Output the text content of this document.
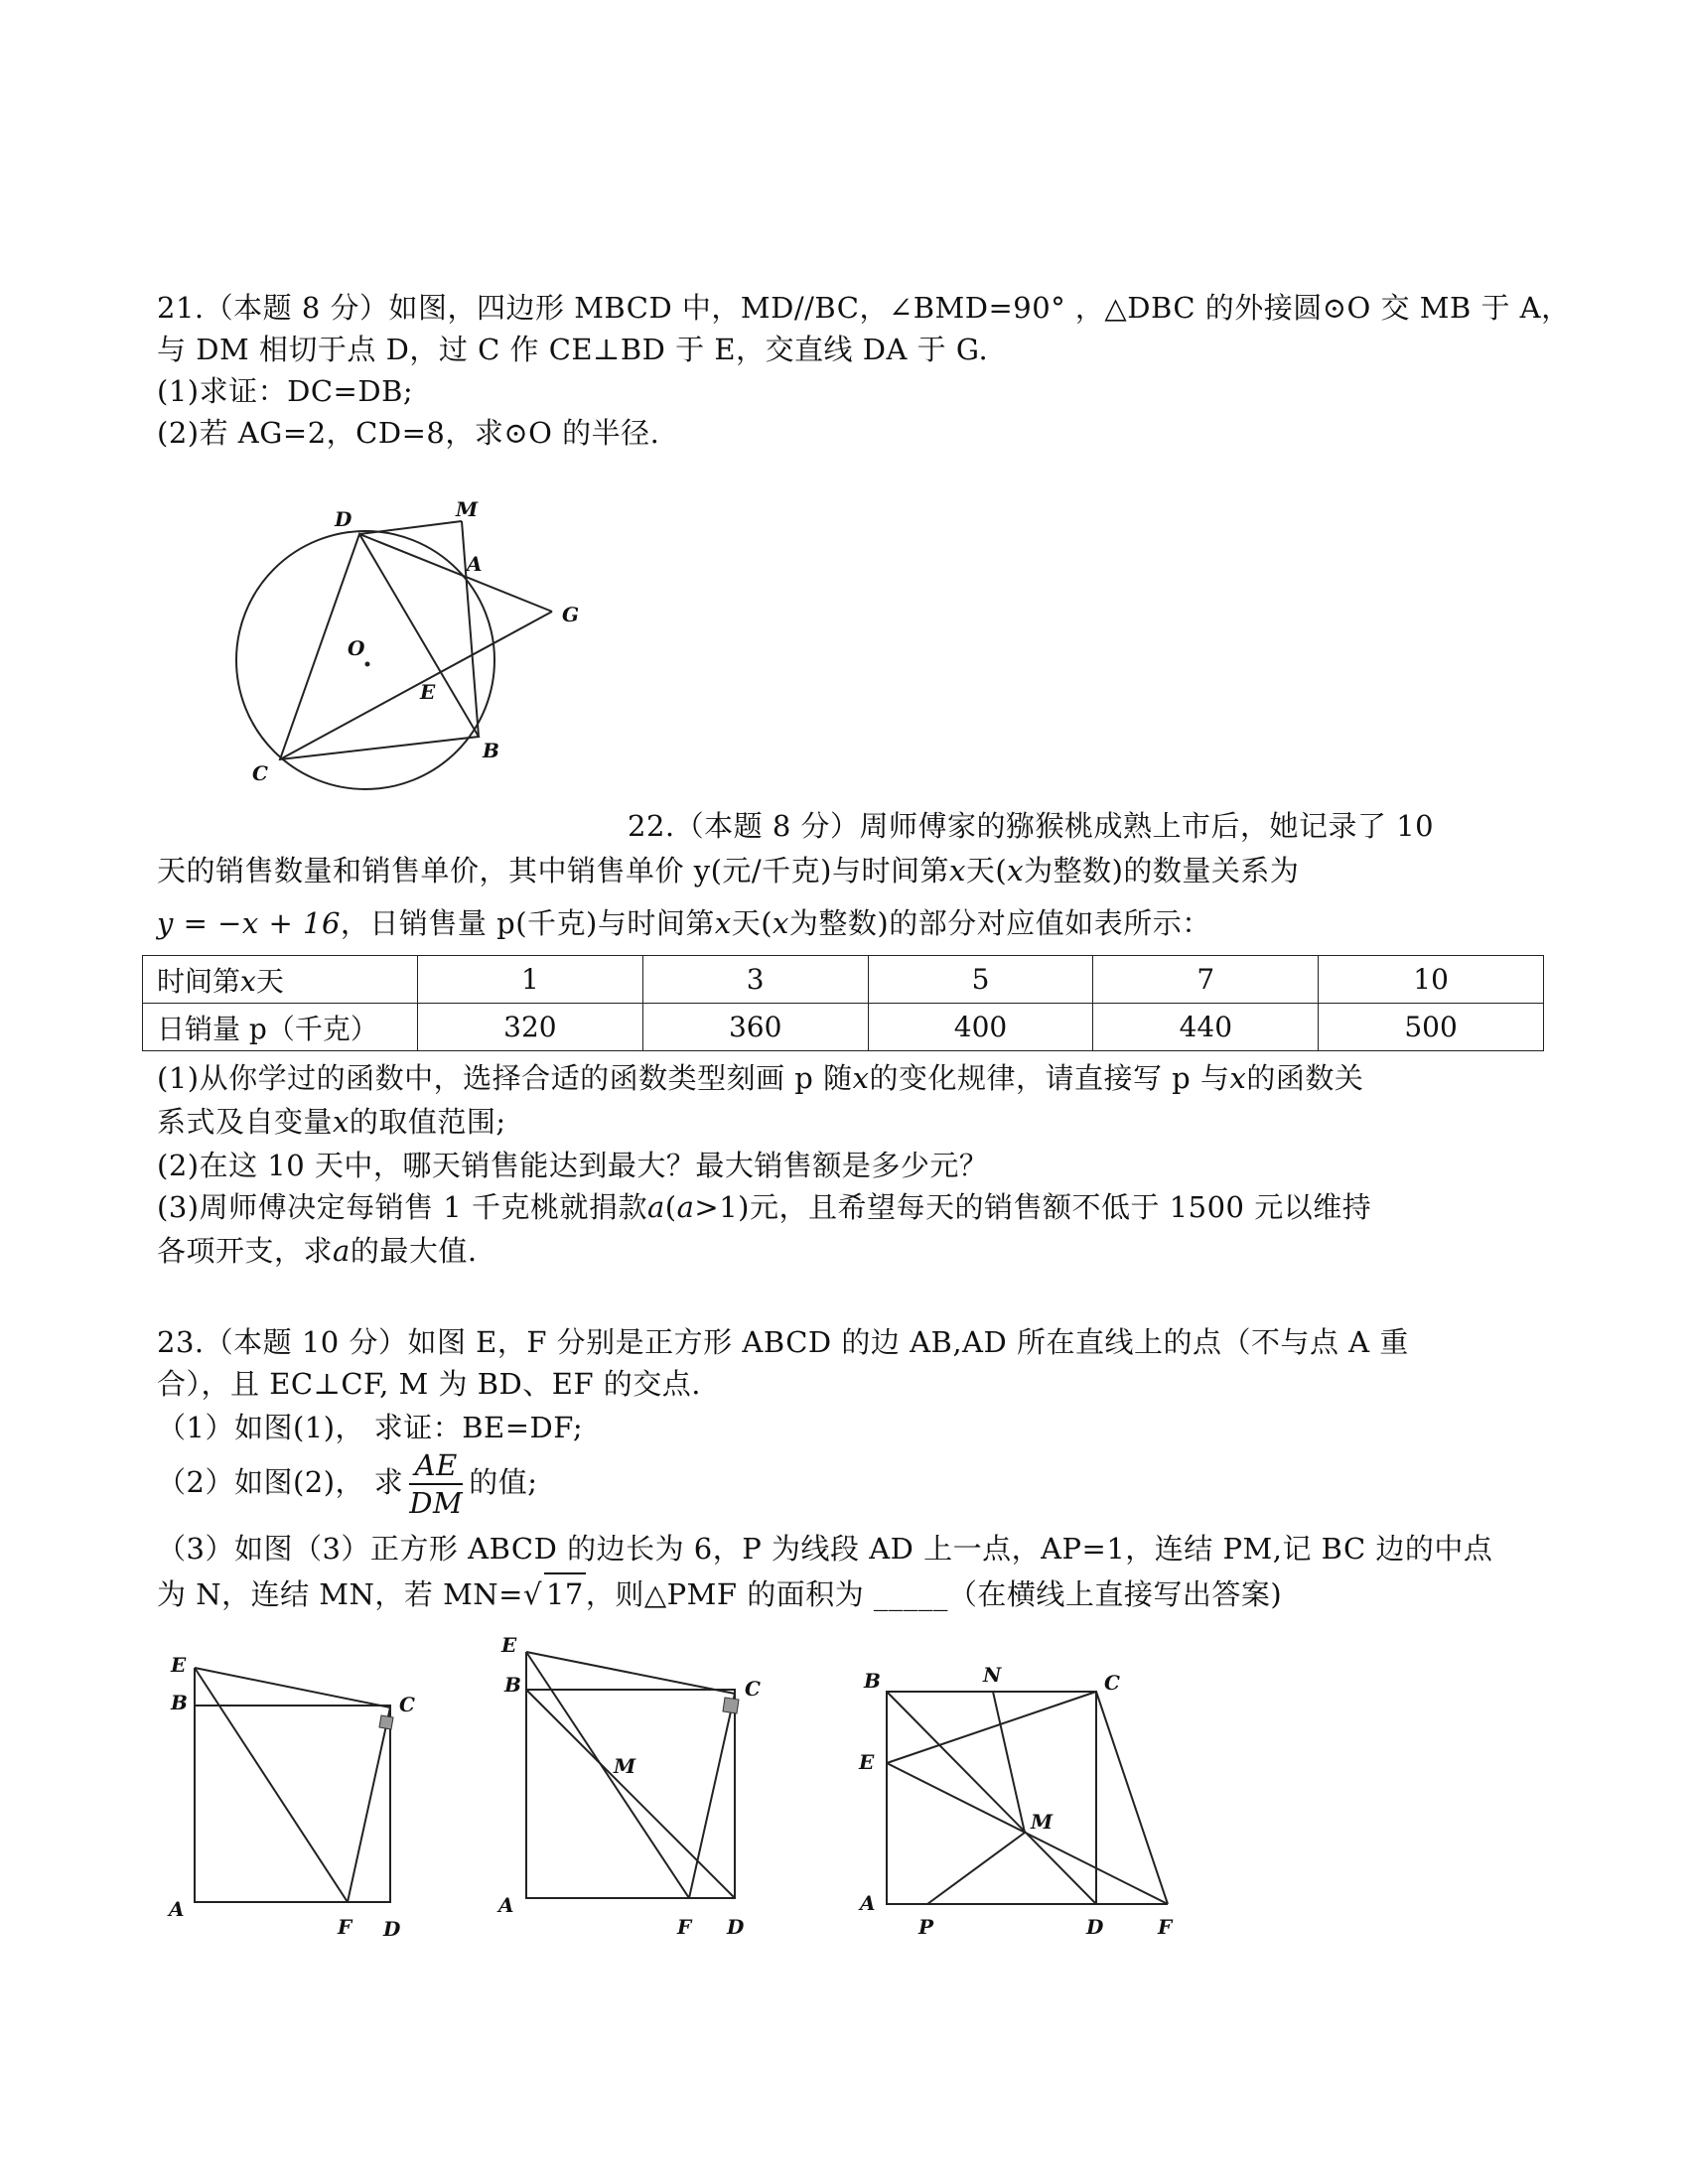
21.（本题 8 分）如图，四边形 MBCD 中，MD//BC，∠BMD=90° ，△DBC 的外接圆⊙O 交 MB 于 A，
与 DM 相切于点 D，过 C 作 CE⊥BD 于 E，交直线 DA 于 G.
(1)求证：DC=DB;
(2)若 AG=2，CD=8，求⊙O 的半径.
D	M
A
G
O
E
B
C
22.（本题 8 分）周师傅家的猕猴桃成熟上市后，她记录了 10
天的销售数量和销售单价，其中销售单价 y(元/千克)与时间第x天(x为整数)的数量关系为
y = −x + 16，日销售量 p(千克)与时间第x天(x为整数)的部分对应值如表所示：
时间第x天	1	3	5	7	10
日销量 p（千克）	320	360	400	440	500
(1)从你学过的函数中，选择合适的函数类型刻画 p 随x的变化规律，请直接写 p 与x的函数关
系式及自变量x的取值范围;
(2)在这 10 天中，哪天销售能达到最大？最大销售额是多少元？
(3)周师傅决定每销售 1 千克桃就捐款a(a>1)元，且希望每天的销售额不低于 1500 元以维持
各项开支，求a的最大值.
23.（本题 10 分）如图 E，F 分别是正方形 ABCD 的边 AB,AD 所在直线上的点（不与点 A 重
合），且 EC⊥CF, M 为 BD、EF 的交点.
（1）如图(1)， 求证：BE=DF;
（2）如图(2)， 求 $\frac{AE}{DM}$ 的值;
（3）如图（3）正方形 ABCD 的边长为 6，P 为线段 AD 上一点，AP=1，连结 PM,记 BC 边的中点
为 N，连结 MN，若 MN=√ 17，则△PMF 的面积为 _____（在横线上直接写出答案)
E
B	C
A
F D
E
B	C
M
A
F D
B	N	C
E
M
A
P	D	F
